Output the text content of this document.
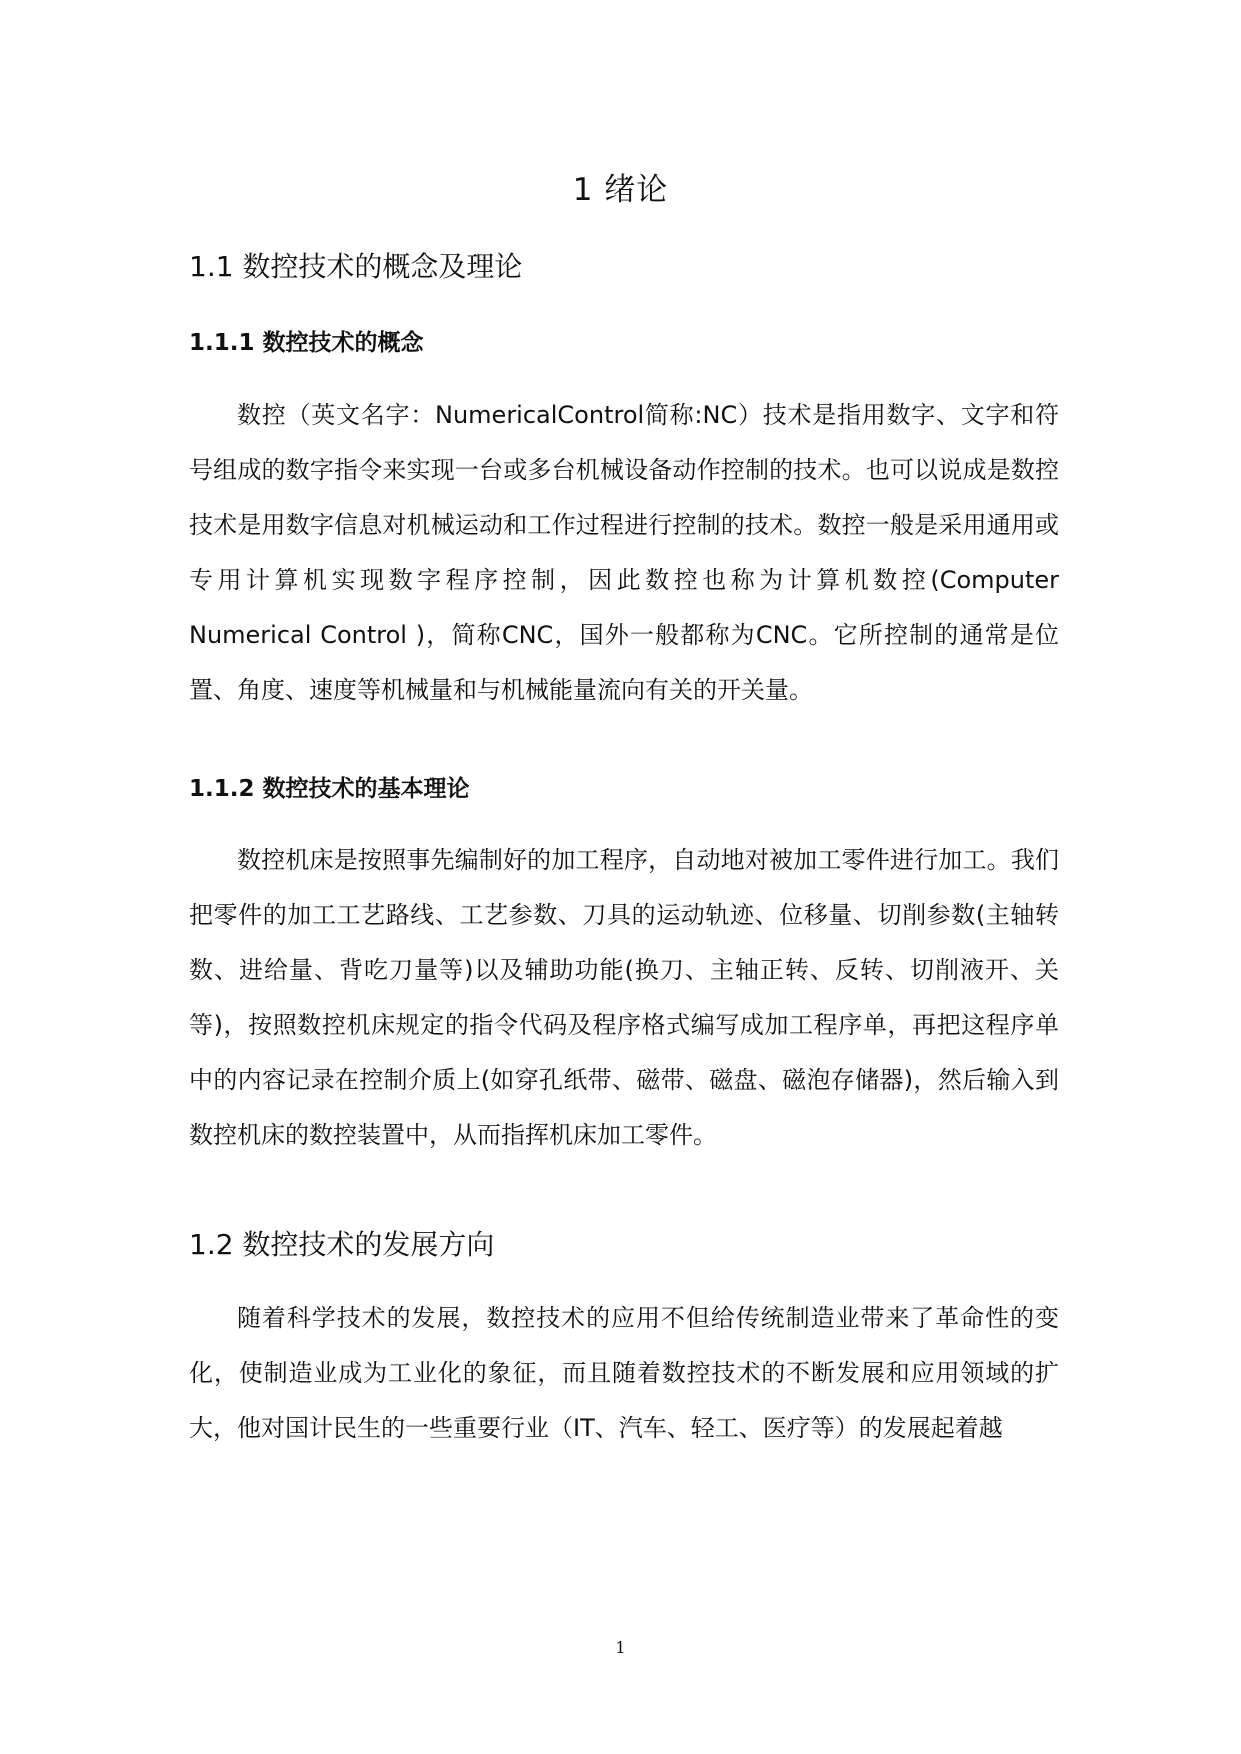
1 绪论
1.1 数控技术的概念及理论
1.1.1 数控技术的概念

数控（英文名字：NumericalControl简称:NC）技术是指用数字、文字和符号组成的数字指令来实现一台或多台机械设备动作控制的技术。也可以说成是数控技术是用数字信息对机械运动和工作过程进行控制的技术。数控一般是采用通用或专用计算机实现数字程序控制，因此数控也称为计算机数控(Computer Numerical Control )，简称CNC，国外一般都称为CNC。它所控制的通常是位置、角度、速度等机械量和与机械能量流向有关的开关量。

1.1.2 数控技术的基本理论

数控机床是按照事先编制好的加工程序，自动地对被加工零件进行加工。我们把零件的加工工艺路线、工艺参数、刀具的运动轨迹、位移量、切削参数(主轴转数、进给量、背吃刀量等)以及辅助功能(换刀、主轴正转、反转、切削液开、关等)，按照数控机床规定的指令代码及程序格式编写成加工程序单，再把这程序单中的内容记录在控制介质上(如穿孔纸带、磁带、磁盘、磁泡存储器)，然后输入到数控机床的数控装置中，从而指挥机床加工零件。

1.2 数控技术的发展方向

随着科学技术的发展，数控技术的应用不但给传统制造业带来了革命性的变化，使制造业成为工业化的象征，而且随着数控技术的不断发展和应用领域的扩大，他对国计民生的一些重要行业（IT、汽车、轻工、医疗等）的发展起着越

1
